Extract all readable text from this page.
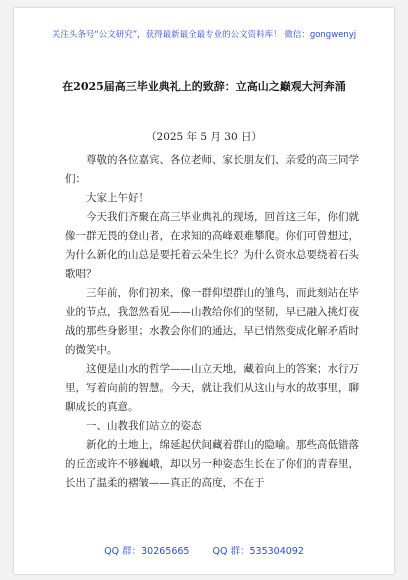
关注头条号“公文研究”，获得最新最全最专业的公文资料库！ 微信：gongwenyj
在2025届高三毕业典礼上的致辞：立高山之巅观大河奔涌
（2025 年 5 月 30 日）

尊敬的各位嘉宾、各位老师、家长朋友们、亲爱的高三同学们：

大家上午好！

今天我们齐聚在高三毕业典礼的现场，回首这三年，你们就像一群无畏的登山者，在求知的高峰艰难攀爬。你们可曾想过，为什么新化的山总是要托着云朵生长？为什么资水总要绕着石头歌唱？

三年前，你们初来，像一群仰望群山的雏鸟，而此刻站在毕业的节点，我忽然看见——山教给你们的坚韧，早已融入挑灯夜战的那些身影里；水教会你们的通达，早已悄然变成化解矛盾时的微笑中。

这便是山水的哲学——山立天地，藏着向上的答案；水行万里，写着向前的智慧。今天，就让我们从这山与水的故事里，聊聊成长的真意。

一、山教我们站立的姿态

新化的土地上，绵延起伏间藏着群山的隐喻。那些高低错落的丘峦或许不够巍峨，却以另一种姿态生长在了你们的青春里，长出了温柔的褶皱——真正的高度，不在于

QQ 群：30265665 QQ 群：535304092
